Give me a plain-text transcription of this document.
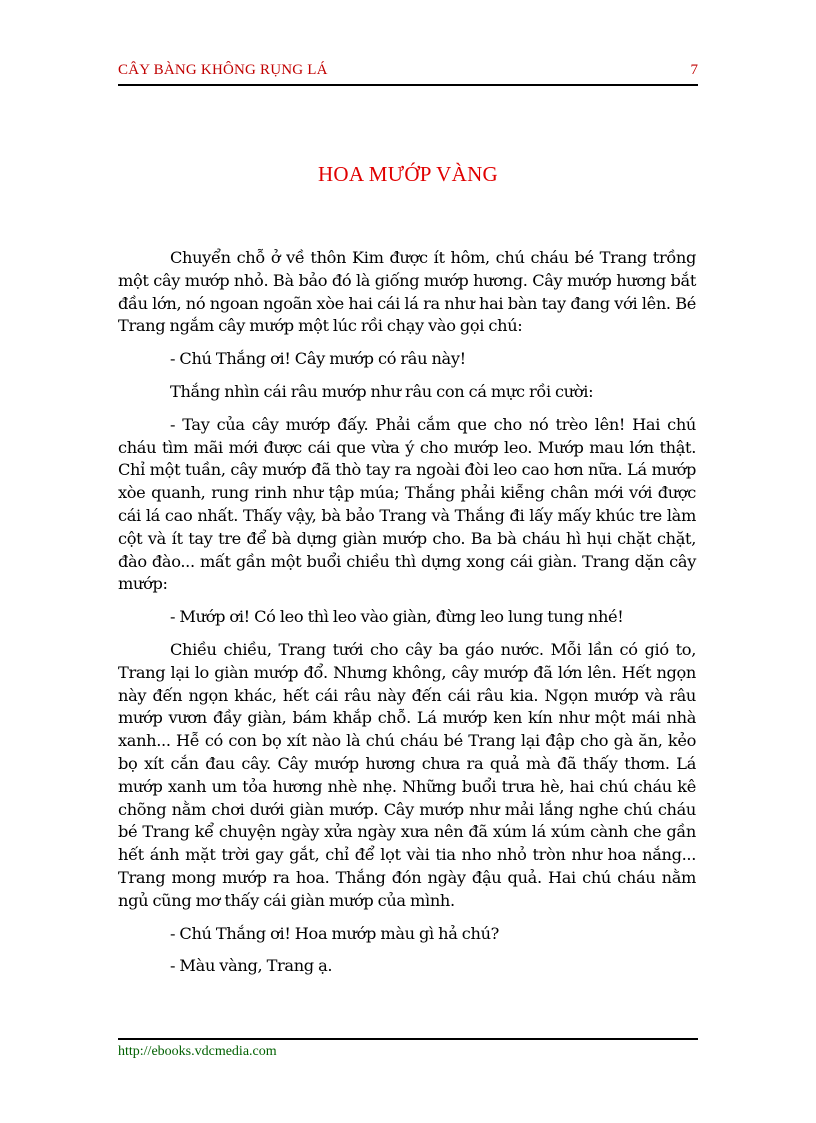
CÂY BÀNG KHÔNG RỤNG LÁ	7
HOA MƯỚP VÀNG

Chuyển chỗ ở về thôn Kim được ít hôm, chú cháu bé Trang trồng một cây mướp nhỏ. Bà bảo đó là giống mướp hương. Cây mướp hương bắt đầu lớn, nó ngoan ngoãn xòe hai cái lá ra như hai bàn tay đang với lên. Bé Trang ngắm cây mướp một lúc rồi chạy vào gọi chú:

- Chú Thắng ơi! Cây mướp có râu này!

Thắng nhìn cái râu mướp như râu con cá mực rồi cười:

- Tay của cây mướp đấy. Phải cắm que cho nó trèo lên! Hai chú cháu tìm mãi mới được cái que vừa ý cho mướp leo. Mướp mau lớn thật. Chỉ một tuần, cây mướp đã thò tay ra ngoài đòi leo cao hơn nữa. Lá mướp xòe quanh, rung rinh như tập múa; Thắng phải kiễng chân mới với được cái lá cao nhất. Thấy vậy, bà bảo Trang và Thắng đi lấy mấy khúc tre làm cột và ít tay tre để bà dựng giàn mướp cho. Ba bà cháu hì hụi chặt chặt, đào đào... mất gần một buổi chiều thì dựng xong cái giàn. Trang dặn cây mướp:

- Mướp ơi! Có leo thì leo vào giàn, đừng leo lung tung nhé!

Chiều chiều, Trang tưới cho cây ba gáo nước. Mỗi lần có gió to, Trang lại lo giàn mướp đổ. Nhưng không, cây mướp đã lớn lên. Hết ngọn này đến ngọn khác, hết cái râu này đến cái râu kia. Ngọn mướp và râu mướp vươn đầy giàn, bám khắp chỗ. Lá mướp ken kín như một mái nhà xanh... Hễ có con bọ xít nào là chú cháu bé Trang lại đập cho gà ăn, kẻo bọ xít cắn đau cây. Cây mướp hương chưa ra quả mà đã thấy thơm. Lá mướp xanh um tỏa hương nhè nhẹ. Những buổi trưa hè, hai chú cháu kê chõng nằm chơi dưới giàn mướp. Cây mướp như mải lắng nghe chú cháu bé Trang kể chuyện ngày xửa ngày xưa nên đã xúm lá xúm cành che gần hết ánh mặt trời gay gắt, chỉ để lọt vài tia nho nhỏ tròn như hoa nắng... Trang mong mướp ra hoa. Thắng đón ngày đậu quả. Hai chú cháu nằm ngủ cũng mơ thấy cái giàn mướp của mình.

- Chú Thắng ơi! Hoa mướp màu gì hả chú?

- Màu vàng, Trang ạ.

http://ebooks.vdcmedia.com
